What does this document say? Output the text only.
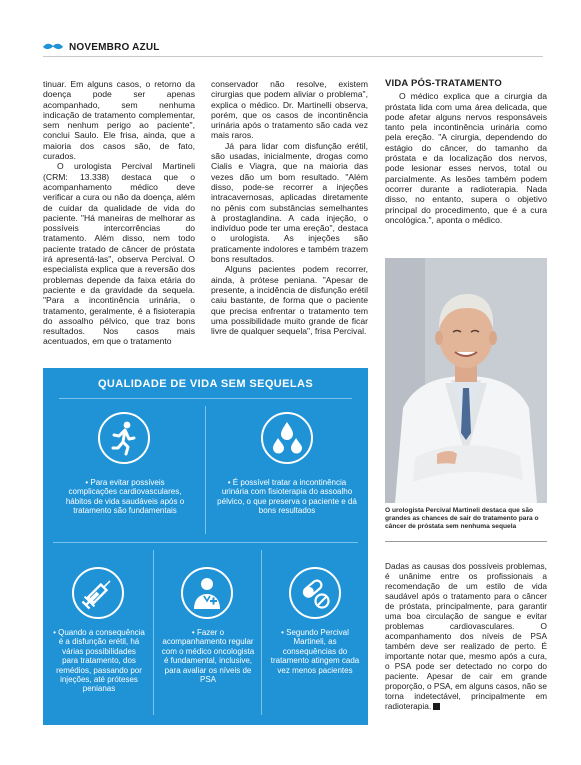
NOVEMBRO AZUL

tinuar. Em alguns casos, o retorno da doença pode ser apenas acompanhado, sem nenhuma indicação de tratamento complementar, sem nenhum perigo ao paciente", conclui Saulo. Ele frisa, ainda, que a maioria dos casos são, de fato, curados.

O urologista Percival Martineli (CRM: 13.338) destaca que o acompanhamento médico deve verificar a cura ou não da doença, além de cuidar da qualidade de vida do paciente. "Há maneiras de melhorar as possíveis intercorrências do tratamento. Além disso, nem todo paciente tratado de câncer de próstata irá apresentá-las", observa Percival. O especialista explica que a reversão dos problemas depende da faixa etária do paciente e da gravidade da sequela. "Para a incontinência urinária, o tratamento, geralmente, é a fisioterapia do assoalho pélvico, que traz bons resultados. Nos casos mais acentuados, em que o tratamento

conservador não resolve, existem cirurgias que podem aliviar o problema", explica o médico. Dr. Martinelli observa, porém, que os casos de incontinência urinária após o tratamento são cada vez mais raros.

Já para lidar com disfunção erétil, são usadas, inicialmente, drogas como Cialis e Viagra, que na maioria das vezes dão um bom resultado. "Além disso, pode-se recorrer a injeções intracavernosas, aplicadas diretamente no pênis com substâncias semelhantes à prostaglandina. A cada injeção, o indivíduo pode ter uma ereção", destaca o urologista. As injeções são praticamente indolores e também trazem bons resultados.

Alguns pacientes podem recorrer, ainda, à prótese peniana. "Apesar de presente, a incidência de disfunção erétil caiu bastante, de forma que o paciente que precisa enfrentar o tratamento tem uma possibilidade muito grande de ficar livre de qualquer sequela", frisa Percival.

VIDA PÓS-TRATAMENTO

O médico explica que a cirurgia da próstata lida com uma área delicada, que pode afetar alguns nervos responsáveis tanto pela incontinência urinária como pela ereção. "A cirurgia, dependendo do estágio do câncer, do tamanho da próstata e da localização dos nervos, pode lesionar esses nervos, total ou parcialmente. As lesões também podem ocorrer durante a radioterapia. Nada disso, no entanto, supera o objetivo principal do procedimento, que é a cura oncológica.", aponta o médico.

O urologista Percival Martineli destaca que são grandes as chances de sair do tratamento para o câncer de próstata sem nenhuma sequela

Dadas as causas dos possíveis problemas, é unânime entre os profissionais a recomendação de um estilo de vida saudável após o tratamento para o câncer de próstata, principalmente, para garantir uma boa circulação de sangue e evitar problemas cardiovasculares. O acompanhamento dos níveis de PSA também deve ser realizado de perto. É importante notar que, mesmo após a cura, o PSA pode ser detectado no corpo do paciente. Apesar de cair em grande proporção, o PSA, em alguns casos, não se torna indetectável, principalmente em radioterapia.

QUALIDADE DE VIDA SEM SEQUELAS
• Para evitar possíveis complicações cardiovasculares, hábitos de vida saudáveis após o tratamento são fundamentais
• É possível tratar a incontinência urinária com fisioterapia do assoalho pélvico, o que preserva o paciente e dá bons resultados
• Quando a consequência é a disfunção erétil, há várias possibilidades para tratamento, dos remédios, passando por injeções, até próteses penianas
• Fazer o acompanhamento regular com o médico oncologista é fundamental, inclusive, para avaliar os níveis de PSA
• Segundo Percival Martineli, as consequências do tratamento atingem cada vez menos pacientes
